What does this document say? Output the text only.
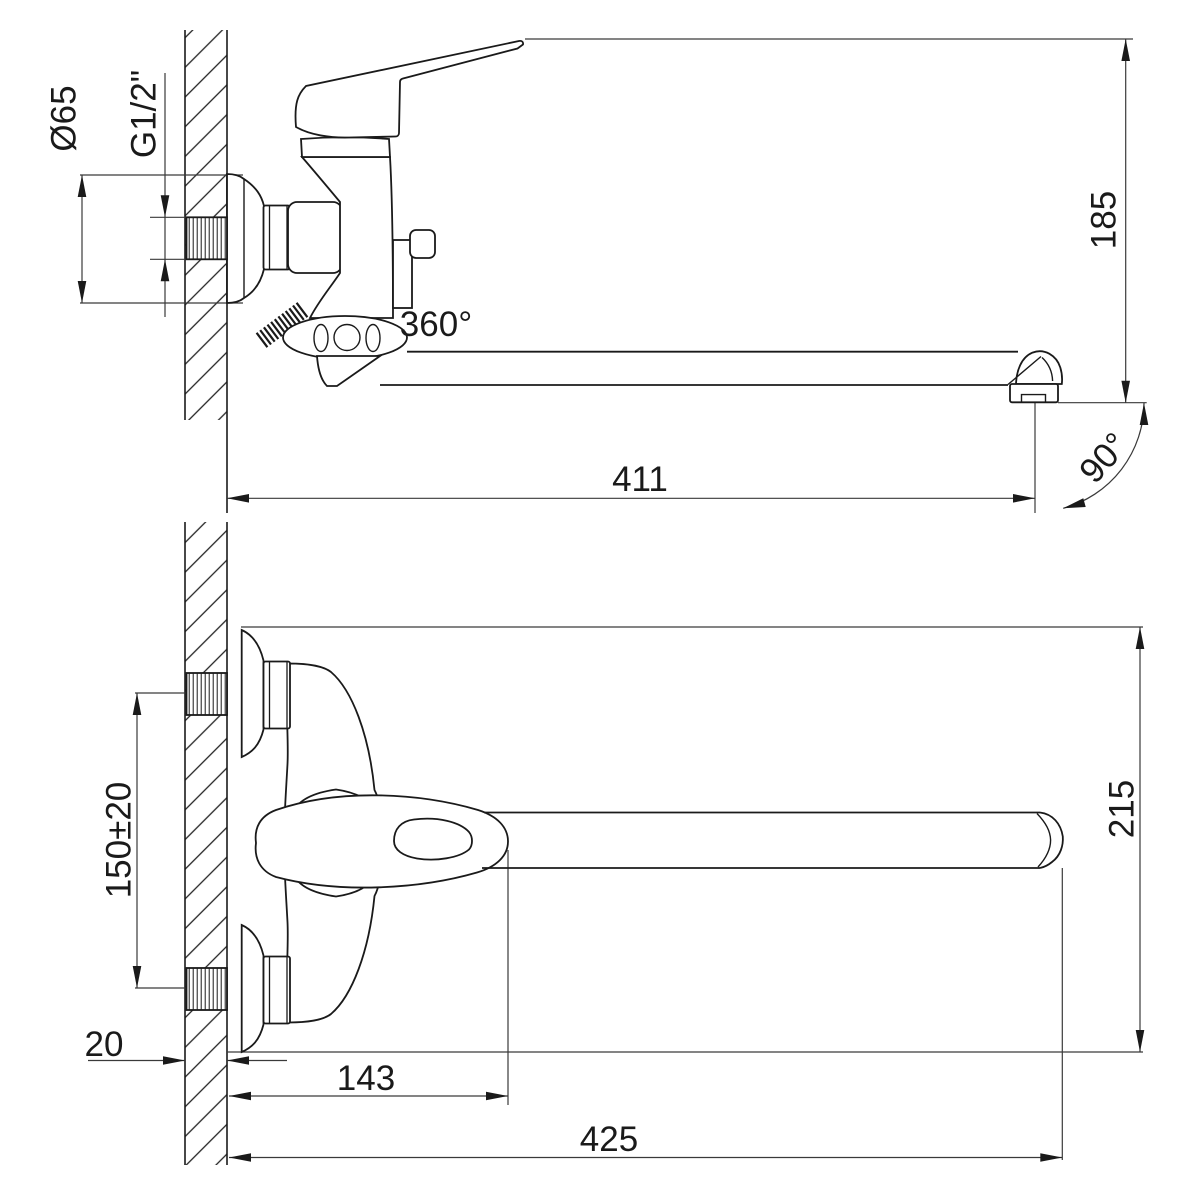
Ø65 G1/2"
185
360°
411	90°
150±20
20
143
425
215
